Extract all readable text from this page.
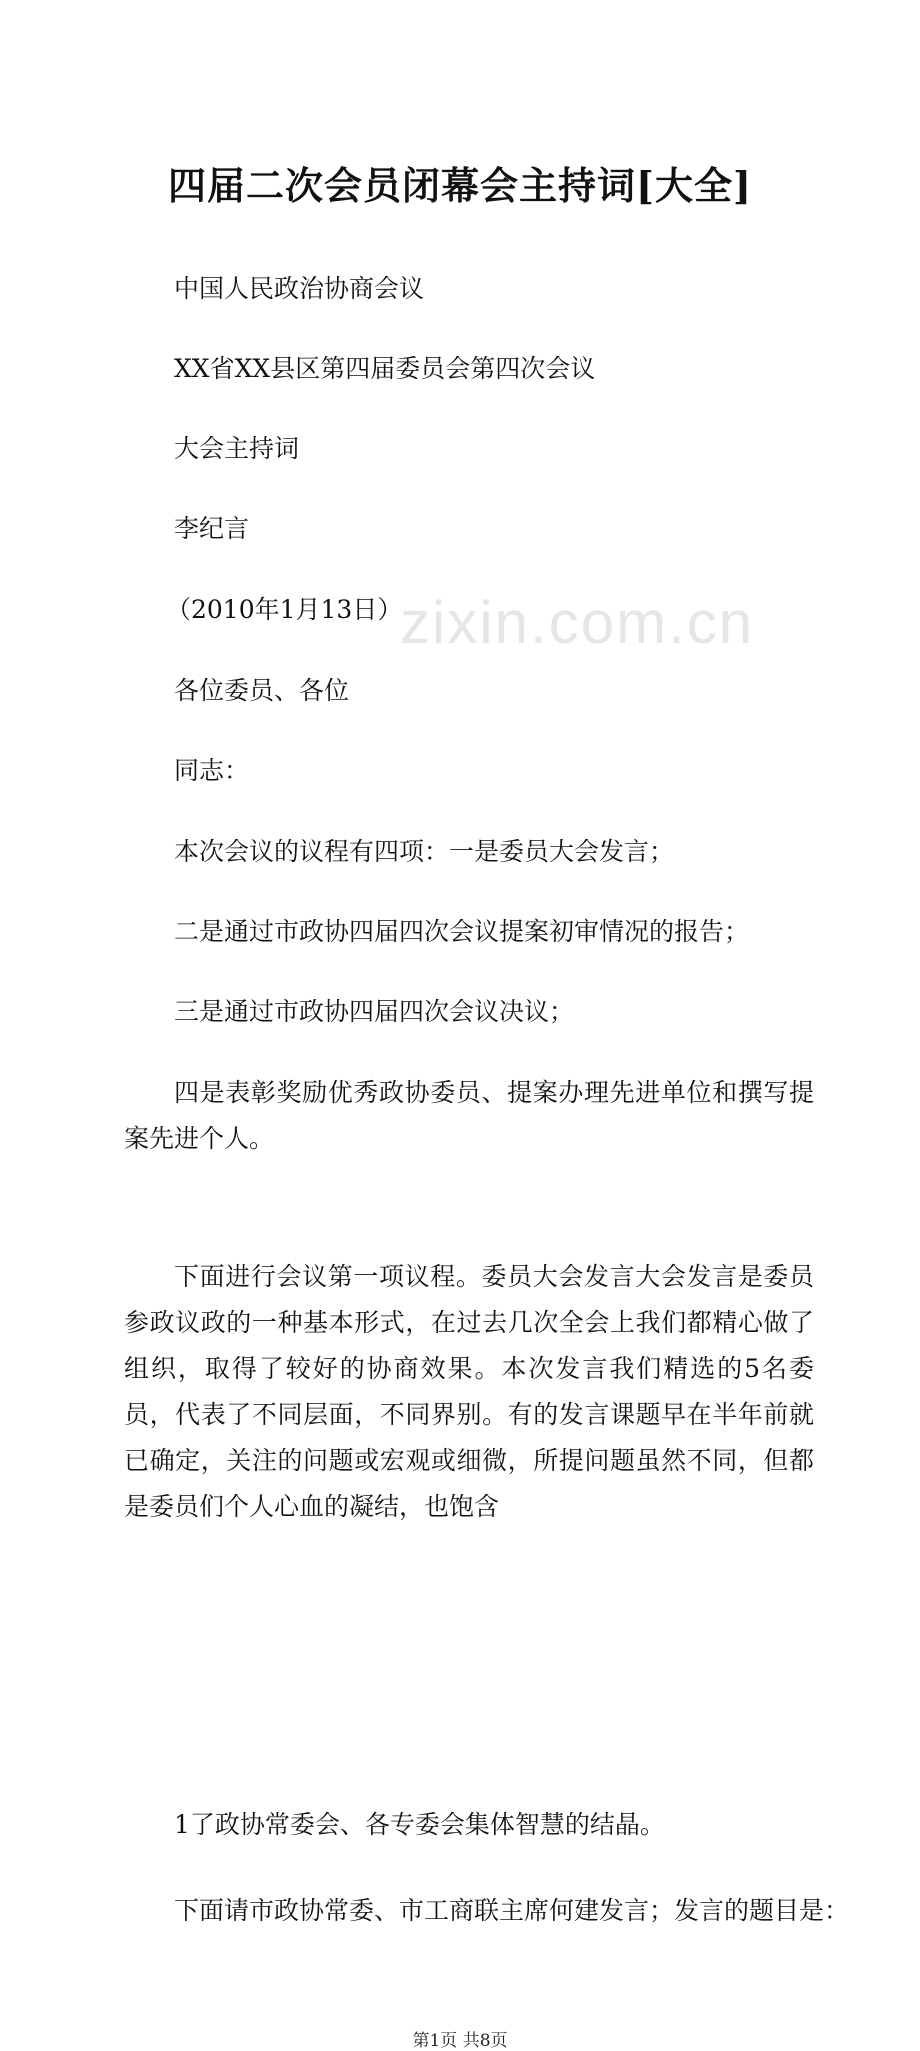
zixin.com.cn
四届二次会员闭幕会主持词[大全]

中国人民政治协商会议

XX省XX县区第四届委员会第四次会议

大会主持词

李纪言

（2010年1月13日）

各位委员、各位

同志：

本次会议的议程有四项：一是委员大会发言；

二是通过市政协四届四次会议提案初审情况的报告；

三是通过市政协四届四次会议决议；

四是表彰奖励优秀政协委员、提案办理先进单位和撰写提案先进个人。

下面进行会议第一项议程。委员大会发言大会发言是委员参政议政的一种基本形式，在过去几次全会上我们都精心做了组织，取得了较好的协商效果。本次发言我们精选的5名委员，代表了不同层面，不同界别。有的发言课题早在半年前就已确定，关注的问题或宏观或细微，所提问题虽然不同，但都是委员们个人心血的凝结，也饱含

1了政协常委会、各专委会集体智慧的结晶。

下面请市政协常委、市工商联主席何建发言；发言的题目是：

第1页 共8页
